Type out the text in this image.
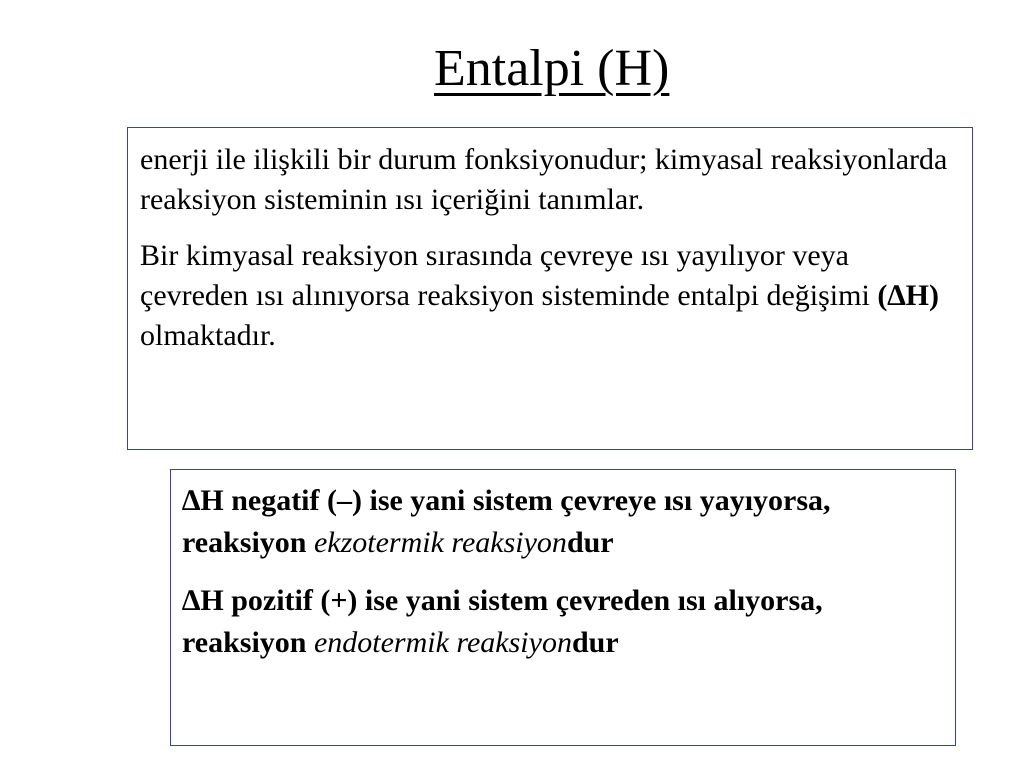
Entalpi (H)

enerji ile ilişkili bir durum fonksiyonudur; kimyasal reaksiyonlarda reaksiyon sisteminin ısı içeriğini tanımlar.

Bir kimyasal reaksiyon sırasında çevreye ısı yayılıyor veya çevreden ısı alınıyorsa reaksiyon sisteminde entalpi değişimi (∆H) olmaktadır.

∆H negatif (–) ise yani sistem çevreye ısı yayıyorsa, reaksiyon ekzotermik reaksiyondur

∆H pozitif (+) ise yani sistem çevreden ısı alıyorsa, reaksiyon endotermik reaksiyondur
